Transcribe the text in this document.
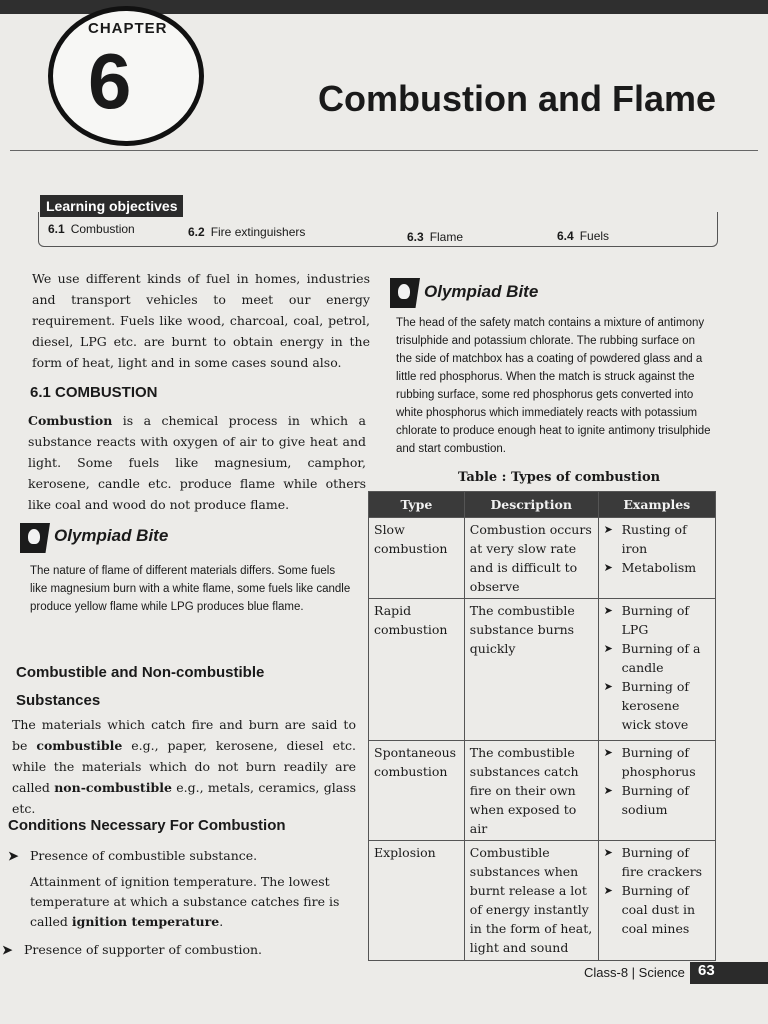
CHAPTER
6	Combustion and Flame
Learning objectives
6.1 Combustion	6.2 Fire extinguishers	6.3 Flame	6.4 Fuels
We use different kinds of fuel in homes, industries and transport vehicles to meet our energy requirement. Fuels like wood, charcoal, coal, petrol, diesel, LPG etc. are burnt to obtain energy in the form of heat, light and in some cases sound also.
6.1 COMBUSTION
Combustion is a chemical process in which a substance reacts with oxygen of air to give heat and light. Some fuels like magnesium, camphor, kerosene, candle etc. produce flame while others like coal and wood do not produce flame.
Olympiad Bite
The nature of flame of different materials differs. Some fuels like magnesium burn with a white flame, some fuels like candle produce yellow flame while LPG produces blue flame.
Combustible and Non-combustible
Substances
The materials which catch fire and burn are said to be combustible e.g., paper, kerosene, diesel etc. while the materials which do not burn readily are called non-combustible e.g., metals, ceramics, glass etc.
Conditions Necessary For Combustion
➤ Presence of combustible substance.
Attainment of ignition temperature. The lowest temperature at which a substance catches fire is called ignition temperature.
➤ Presence of supporter of combustion.
Olympiad Bite
The head of the safety match contains a mixture of antimony trisulphide and potassium chlorate. The rubbing surface on the side of matchbox has a coating of powdered glass and a little red phosphorus. When the match is struck against the rubbing surface, some red phosphorus gets converted into white phosphorus which immediately reacts with potassium chlorate to produce enough heat to ignite antimony trisulphide and start combustion.
Table : Types of combustion
Type	Description	Examples
Slow combustion	Combustion occurs at very slow rate and is difficult to observe	➤ Rusting of iron
➤ Metabolism

Rapid combustion	The combustible substance burns quickly	➤ Burning of LPG
➤ Burning of a candle
➤ Burning of kerosene wick stove

Spontaneous combustion	The combustible substances catch fire on their own when exposed to air	➤ Burning of phosphorus
➤ Burning of sodium

Explosion	Combustible substances when burnt release a lot of energy instantly in the form of heat, light and sound	➤ Burning of fire crackers
➤ Burning of coal dust in coal mines
Class-8 | Science 63
